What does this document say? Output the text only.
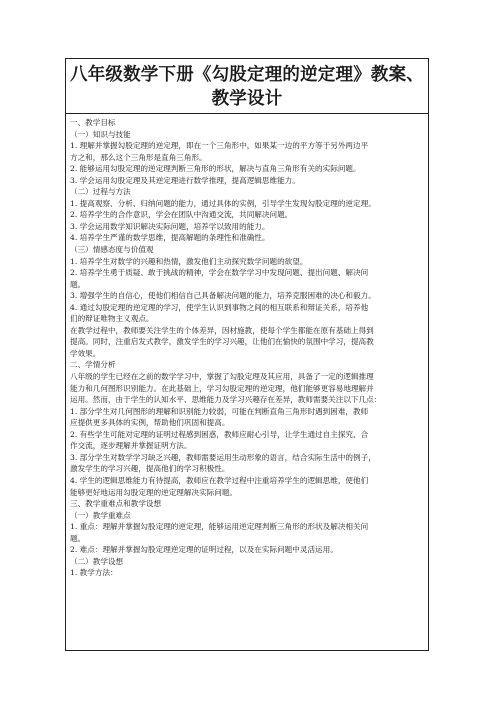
八年级数学下册《勾股定理的逆定理》教案、
教学设计
一、教学目标
（一）知识与技能
1. 理解并掌握勾股定理的逆定理，即在一个三角形中，如果某一边的平方等于另外两边平
方之和，那么这个三角形是直角三角形。
2. 能够运用勾股定理的逆定理判断三角形的形状，解决与直角三角形有关的实际问题。
3. 学会运用勾股定理及其逆定理进行数学推理，提高逻辑思维能力。
（二）过程与方法
1. 提高观察、分析、归纳问题的能力，通过具体的实例，引导学生发现勾股定理的逆定理。
2. 培养学生的合作意识，学会在团队中沟通交流，共同解决问题。
3. 学会运用数学知识解决实际问题，培养学以致用的能力。
4. 培养学生严谨的数学思维，提高解题的条理性和准确性。
（三）情感态度与价值观
1. 培养学生对数学的兴趣和热情，激发他们主动探究数学问题的欲望。
2. 培养学生勇于质疑、敢于挑战的精神，学会在数学学习中发现问题、提出问题、解决问
题。
3. 增强学生的自信心，使他们相信自己具备解决问题的能力，培养克服困难的决心和毅力。
4. 通过勾股定理的逆定理的学习，使学生认识到事物之间的相互联系和辩证关系，培养他
们的辩证唯物主义观点。
在教学过程中，教师要关注学生的个体差异，因材施教，使每个学生都能在原有基础上得到
提高。同时，注重启发式教学，激发学生的学习兴趣，让他们在愉快的氛围中学习，提高教
学效果。
二、学情分析
八年级的学生已经在之前的数学学习中，掌握了勾股定理及其应用，具备了一定的逻辑推理
能力和几何图形识别能力。在此基础上，学习勾股定理的逆定理，他们能够更容易地理解并
运用。然而，由于学生的认知水平、思维能力及学习兴趣存在差异，教师需要关注以下几点：
1. 部分学生对几何图形的理解和识别能力较弱，可能在判断直角三角形时遇到困难，教师
应提供更多具体的实例，帮助他们巩固和提高。
2. 有些学生可能对定理的证明过程感到困惑，教师应耐心引导，让学生通过自主探究、合
作交流，逐步理解并掌握证明方法。
3. 部分学生对数学学习缺乏兴趣，教师需要运用生动形象的语言，结合实际生活中的例子，
激发学生的学习兴趣，提高他们的学习积极性。
4. 学生的逻辑思维能力有待提高，教师应在教学过程中注重培养学生的逻辑思维，使他们
能够更好地运用勾股定理的逆定理解决实际问题。
三、教学重难点和教学设想
（一）教学重难点
1. 重点：理解并掌握勾股定理的逆定理，能够运用逆定理判断三角形的形状及解决相关问
题。
2. 难点：理解并掌握勾股定理逆定理的证明过程，以及在实际问题中灵活运用。
（二）教学设想
1. 教学方法：
